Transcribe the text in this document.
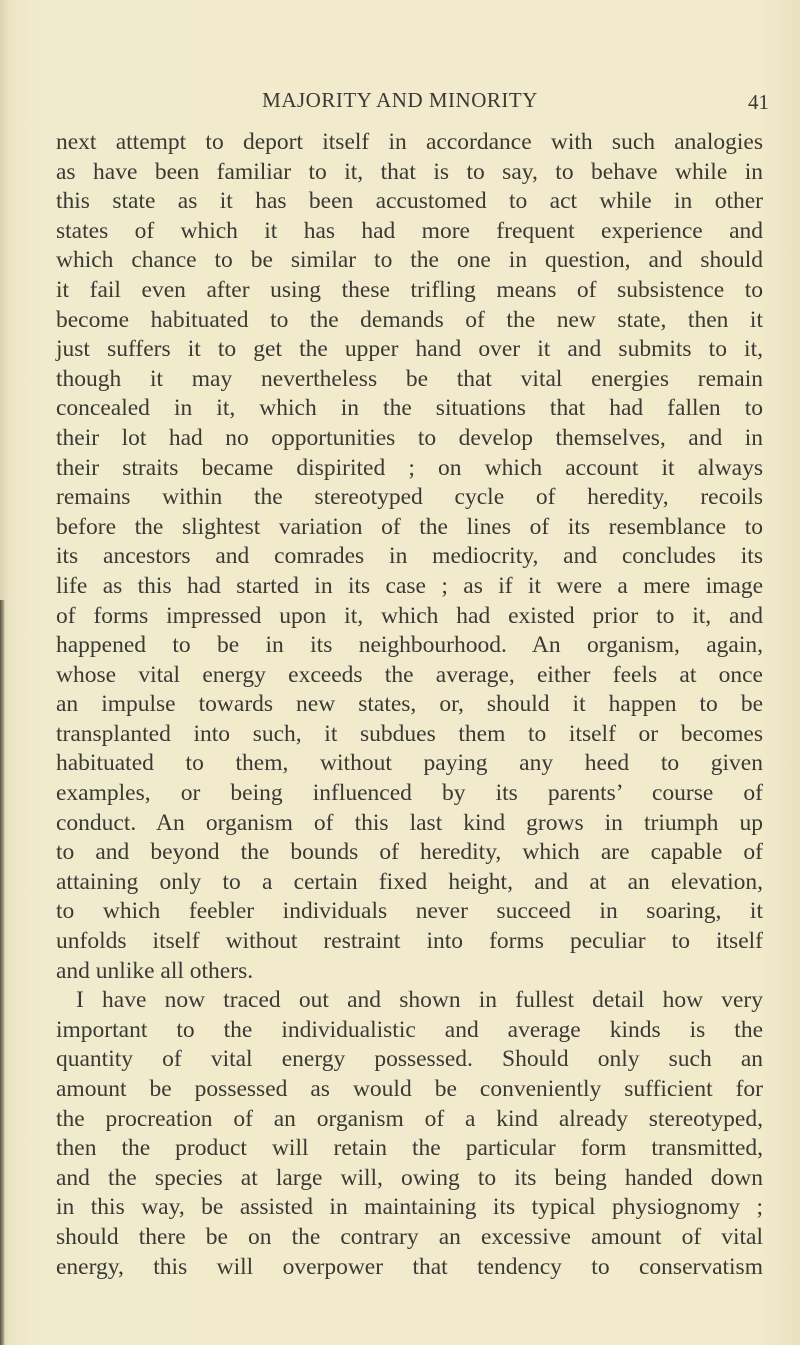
MAJORITY AND MINORITY	41
next attempt to deport itself in accordance with such analogies
as have been familiar to it, that is to say, to behave while in
this state as it has been accustomed to act while in other
states of which it has had more frequent experience and
which chance to be similar to the one in question, and should
it fail even after using these trifling means of subsistence to
become habituated to the demands of the new state, then it
just suffers it to get the upper hand over it and submits to it,
though it may nevertheless be that vital energies remain
concealed in it, which in the situations that had fallen to
their lot had no opportunities to develop themselves, and in
their straits became dispirited ; on which account it always
remains within the stereotyped cycle of heredity, recoils
before the slightest variation of the lines of its resemblance to
its ancestors and comrades in mediocrity, and concludes its
life as this had started in its case ; as if it were a mere image
of forms impressed upon it, which had existed prior to it, and
happened to be in its neighbourhood. An organism, again,
whose vital energy exceeds the average, either feels at once
an impulse towards new states, or, should it happen to be
transplanted into such, it subdues them to itself or becomes
habituated to them, without paying any heed to given
examples, or being influenced by its parents’ course of
conduct. An organism of this last kind grows in triumph up
to and beyond the bounds of heredity, which are capable of
attaining only to a certain fixed height, and at an elevation,
to which feebler individuals never succeed in soaring, it
unfolds itself without restraint into forms peculiar to itself
and unlike all others.
I have now traced out and shown in fullest detail how very
important to the individualistic and average kinds is the
quantity of vital energy possessed. Should only such an
amount be possessed as would be conveniently sufficient for
the procreation of an organism of a kind already stereotyped,
then the product will retain the particular form transmitted,
and the species at large will, owing to its being handed down
in this way, be assisted in maintaining its typical physiognomy ;
should there be on the contrary an excessive amount of vital
energy, this will overpower that tendency to conservatism
